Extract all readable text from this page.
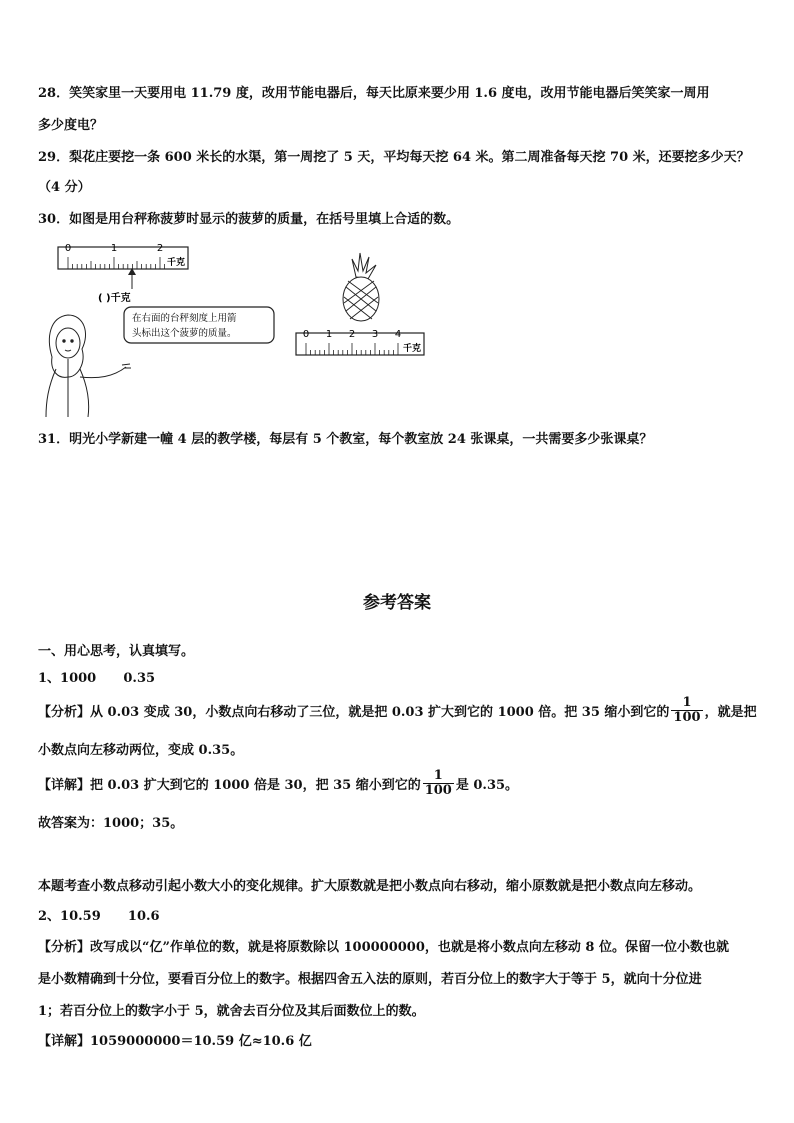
28．笑笑家里一天要用电 11.79 度，改用节能电器后，每天比原来要少用 1.6 度电，改用节能电器后笑笑家一周用
多少度电？
29．梨花庄要挖一条 600 米长的水渠，第一周挖了 5 天，平均每天挖 64 米。第二周准备每天挖 70 米，还要挖多少天？
（4 分）
30．如图是用台秤称菠萝时显示的菠萝的质量，在括号里填上合适的数。
0	1	2
千克
( )千克
在右面的台秤刻度上用箭
头标出这个菠萝的质量。	0 1 2 3 4
千克
31．明光小学新建一幢 4 层的教学楼，每层有 5 个教室，每个教室放 24 张课桌，一共需要多少张课桌？
参考答案
一、用心思考，认真填写。
1、1000      0.35
【分析】从 0.03 变成 30，小数点向右移动了三位，就是把 0.03 扩大到它的 1000 倍。把 35 缩小到它的 $\frac{1}{100}$ ，就是把
小数点向左移动两位，变成 0.35。
【详解】把 0.03 扩大到它的 1000 倍是 30，把 35 缩小到它的 $\frac{1}{100}$ 是 0.35。
故答案为：1000；35。
本题考查小数点移动引起小数大小的变化规律。扩大原数就是把小数点向右移动，缩小原数就是把小数点向左移动。
2、10.59      10.6
【分析】改写成以“亿”作单位的数，就是将原数除以 100000000，也就是将小数点向左移动 8 位。保留一位小数也就
是小数精确到十分位，要看百分位上的数字。根据四舍五入法的原则，若百分位上的数字大于等于 5，就向十分位进
1；若百分位上的数字小于 5，就舍去百分位及其后面数位上的数。
【详解】1059000000＝10.59 亿≈10.6 亿
